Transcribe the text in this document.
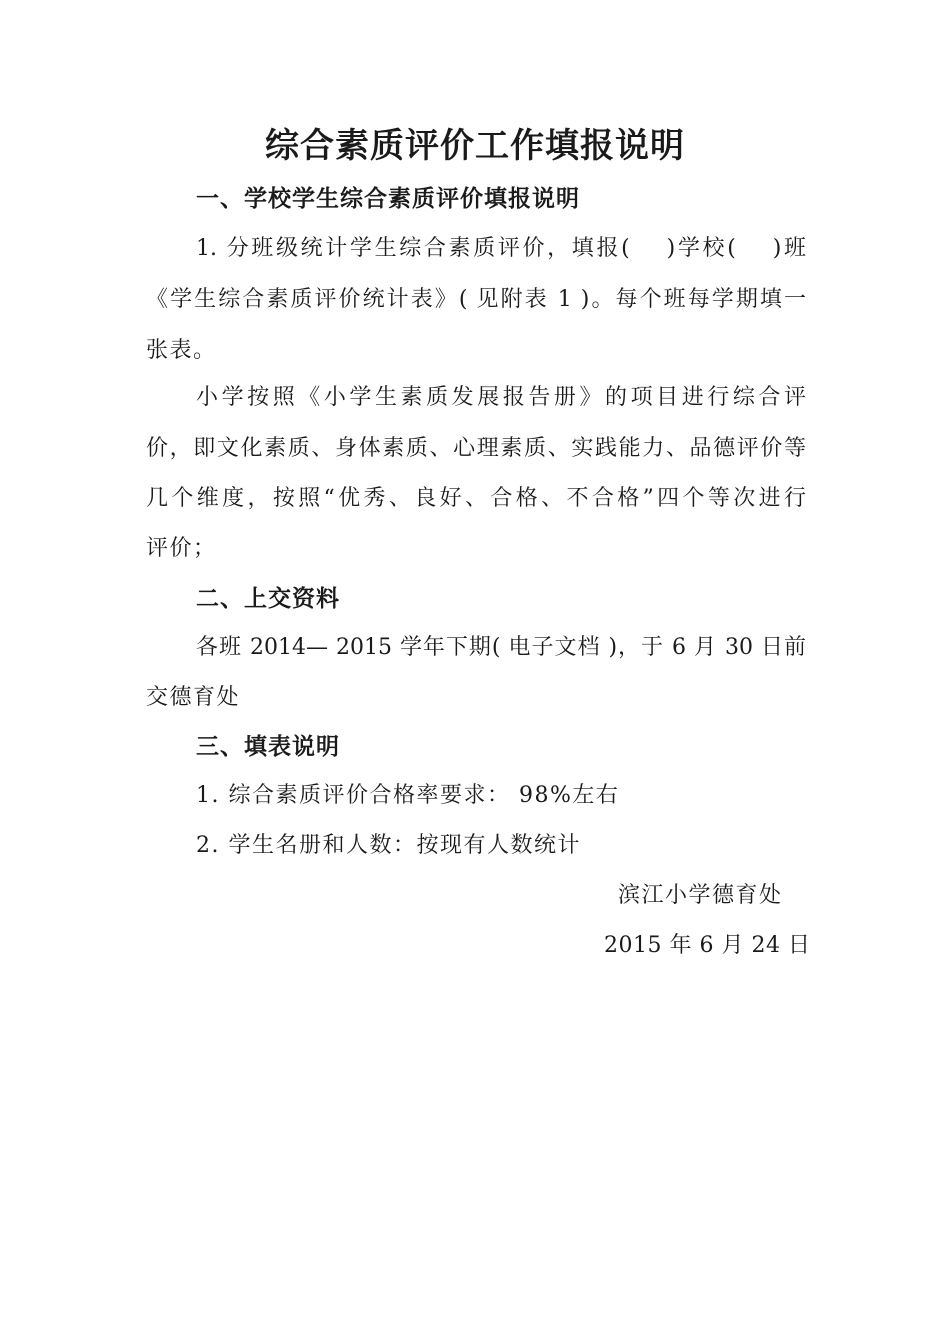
综合素质评价工作填报说明
一、学校学生综合素质评价填报说明
1. 分班级统计学生综合素质评价，填报(　 )学校(　 )班
《学生综合素质评价统计表》( 见附表 1 )。每个班每学期填一
张表。
小学按照《小学生素质发展报告册》的项目进行综合评
价，即文化素质、身体素质、心理素质、实践能力、品德评价等
几个维度，按照“优秀、良好、合格、不合格”四个等次进行
评价；
二、上交资料
各班 2014— 2015 学年下期( 电子文档 )，于 6 月 30 日前
交德育处
三、填表说明
1. 综合素质评价合格率要求： 98%左右
2. 学生名册和人数：按现有人数统计
滨江小学德育处
2015 年 6 月 24 日
